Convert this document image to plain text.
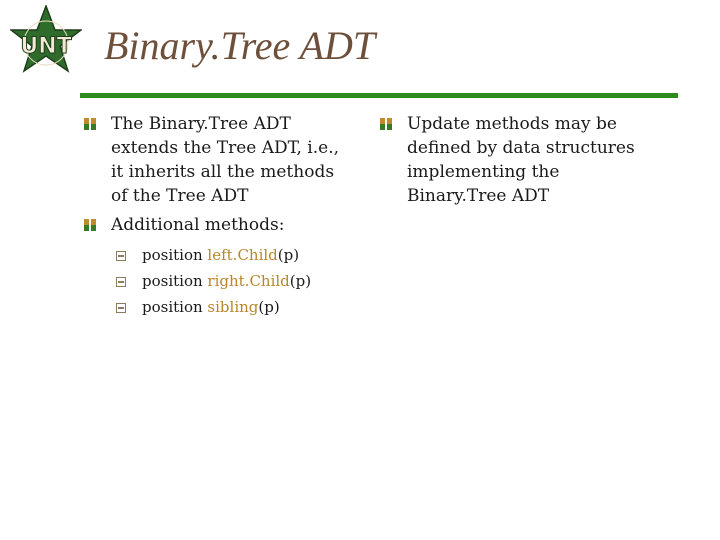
UNT Binary.Tree ADT
The Binary.Tree ADT
extends the Tree ADT, i.e.,
it inherits all the methods
of the Tree ADT
Additional methods:
position left.Child(p)
position right.Child(p)
position sibling(p)
Update methods may be
defined by data structures
implementing the
Binary.Tree ADT
